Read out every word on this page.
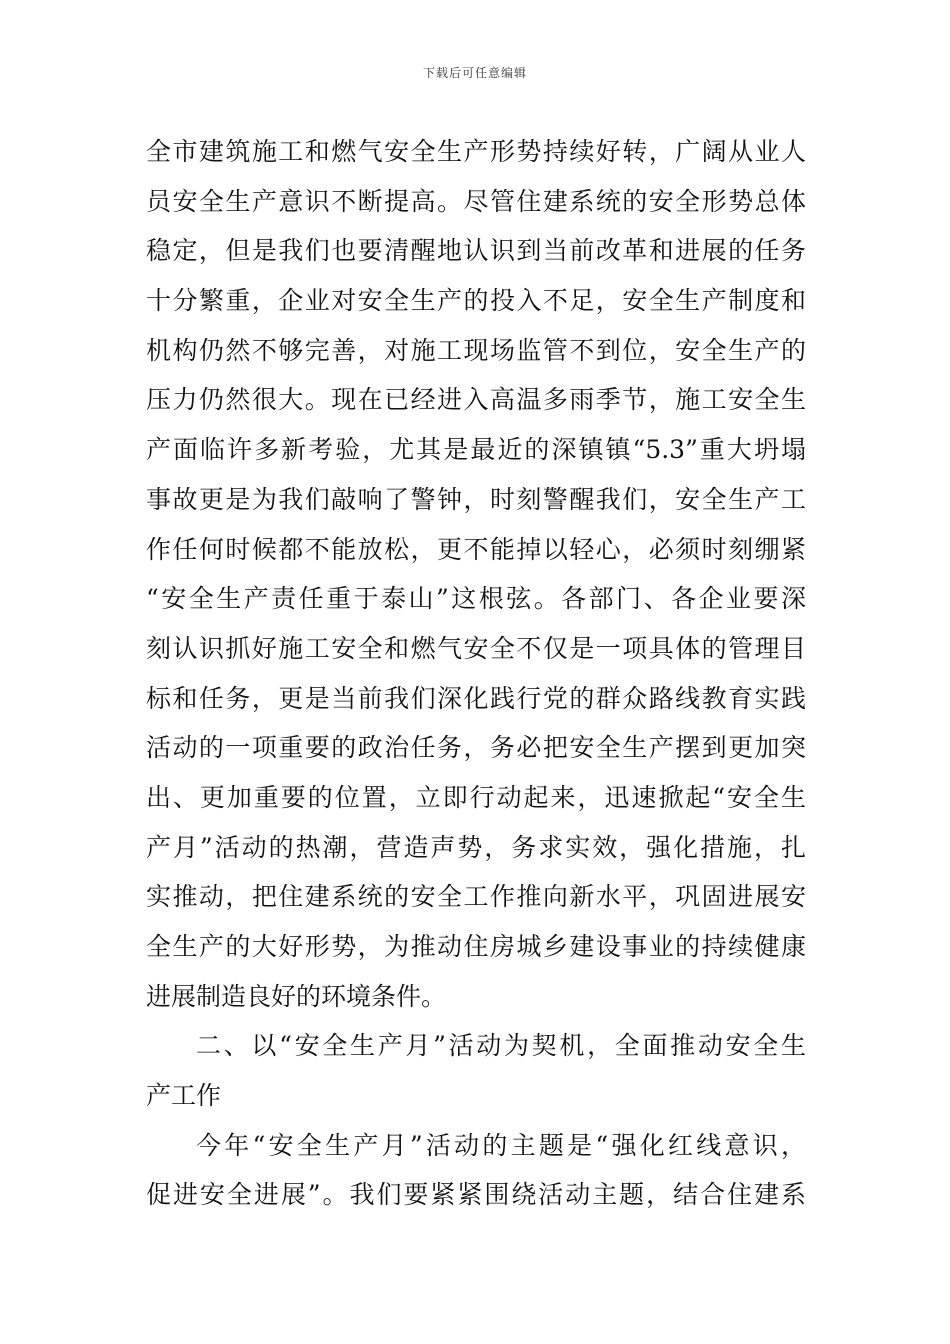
下载后可任意编辑
全市建筑施工和燃气安全生产形势持续好转，广阔从业人
员安全生产意识不断提高。尽管住建系统的安全形势总体
稳定，但是我们也要清醒地认识到当前改革和进展的任务
十分繁重，企业对安全生产的投入不足，安全生产制度和
机构仍然不够完善，对施工现场监管不到位，安全生产的
压力仍然很大。现在已经进入高温多雨季节，施工安全生
产面临许多新考验，尤其是最近的深镇镇“5.3”重大坍塌
事故更是为我们敲响了警钟，时刻警醒我们，安全生产工
作任何时候都不能放松，更不能掉以轻心，必须时刻绷紧
“安全生产责任重于泰山”这根弦。各部门、各企业要深
刻认识抓好施工安全和燃气安全不仅是一项具体的管理目
标和任务，更是当前我们深化践行党的群众路线教育实践
活动的一项重要的政治任务，务必把安全生产摆到更加突
出、更加重要的位置，立即行动起来，迅速掀起“安全生
产月”活动的热潮，营造声势，务求实效，强化措施，扎
实推动，把住建系统的安全工作推向新水平，巩固进展安
全生产的大好形势，为推动住房城乡建设事业的持续健康
进展制造良好的环境条件。
二、以“安全生产月”活动为契机，全面推动安全生
产工作
今年“安全生产月”活动的主题是“强化红线意识，
促进安全进展”。我们要紧紧围绕活动主题，结合住建系
